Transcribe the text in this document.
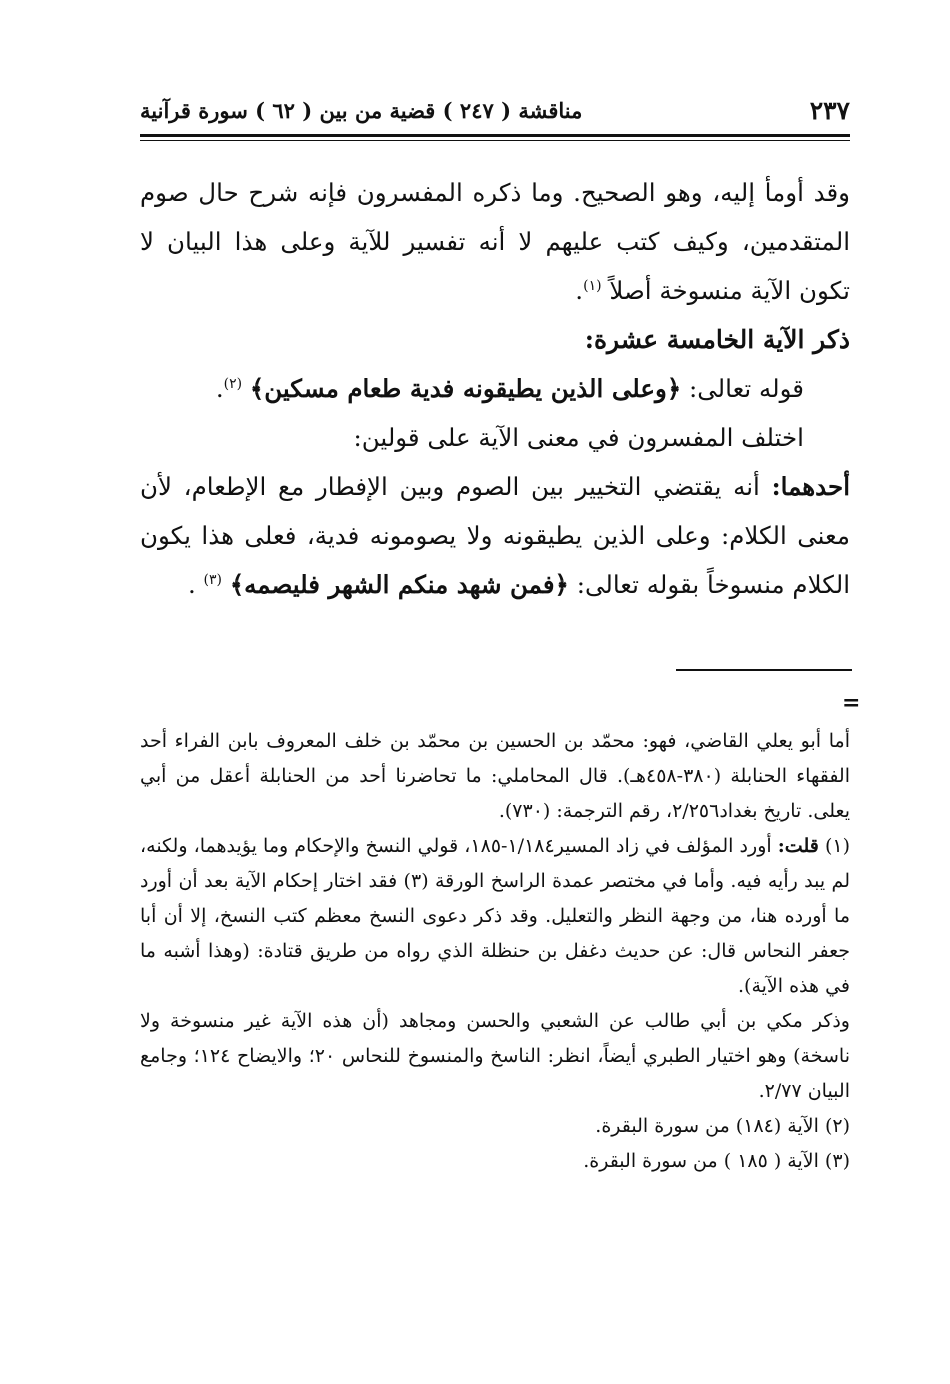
٢٣٧
مناقشة ( ٢٤٧ ) قضية من بين ( ٦٢ ) سورة قرآنية

وقد أومأ إليه، وهو الصحيح. وما ذكره المفسرون فإنه شرح حال صوم المتقدمين، وكيف كتب عليهم لا أنه تفسير للآية وعلى هذا البيان لا تكون الآية منسوخة أصلاً $^{(١)}$.

ذكر الآية الخامسة عشرة:

قوله تعالى: ﴿وعلى الذين يطيقونه فدية طعام مسكين﴾ $^{(٢)}$.

اختلف المفسرون في معنى الآية على قولين:

أحدهما: أنه يقتضي التخيير بين الصوم وبين الإفطار مع الإطعام، لأن معنى الكلام: وعلى الذين يطيقونه ولا يصومونه فدية، فعلى هذا يكون الكلام منسوخاً بقوله تعالى: ﴿فمن شهد منكم الشهر فليصمه﴾ $^{(٣)}$ .

=

أما أبو يعلي القاضي، فهو: محمّد بن الحسين بن محمّد بن خلف المعروف بابن الفراء أحد الفقهاء الحنابلة (٣٨٠-٤٥٨هـ). قال المحاملي: ما تحاضرنا أحد من الحنابلة أعقل من أبي يعلى. تاريخ بغداد٢/٢٥٦، رقم الترجمة: (٧٣٠).

(١) قلت: أورد المؤلف في زاد المسير١/١٨٤-١٨٥، قولي النسخ والإحكام وما يؤيدهما، ولكنه، لم يبد رأيه فيه. وأما في مختصر عمدة الراسخ الورقة (٣) فقد اختار إحكام الآية بعد أن أورد ما أورده هنا، من وجهة النظر والتعليل. وقد ذكر دعوى النسخ معظم كتب النسخ، إلا أن أبا جعفر النحاس قال: عن حديث دغفل بن حنظلة الذي رواه من طريق قتادة: (وهذا أشبه ما في هذه الآية).

وذكر مكي بن أبي طالب عن الشعبي والحسن ومجاهد (أن هذه الآية غير منسوخة ولا ناسخة) وهو اختيار الطبري أيضاً، انظر: الناسخ والمنسوخ للنحاس ٢٠؛ والايضاح ١٢٤؛ وجامع البيان ٢/٧٧.

(٢) الآية (١٨٤) من سورة البقرة.

(٣) الآية ( ١٨٥ ) من سورة البقرة.
